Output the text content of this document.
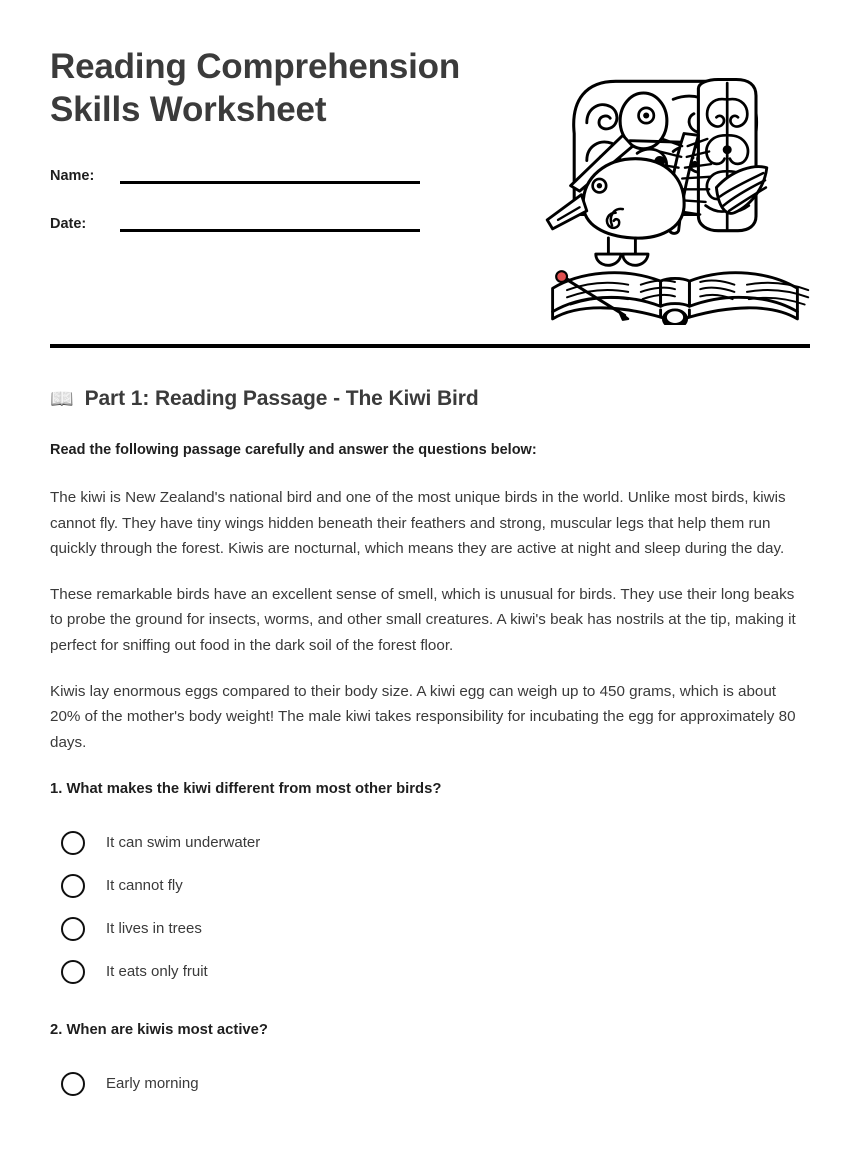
Reading Comprehension Skills Worksheet
Name:
Date:
📖 Part 1: Reading Passage - The Kiwi Bird

Read the following passage carefully and answer the questions below:

The kiwi is New Zealand's national bird and one of the most unique birds in the world. Unlike most birds, kiwis cannot fly. They have tiny wings hidden beneath their feathers and strong, muscular legs that help them run quickly through the forest. Kiwis are nocturnal, which means they are active at night and sleep during the day.

These remarkable birds have an excellent sense of smell, which is unusual for birds. They use their long beaks to probe the ground for insects, worms, and other small creatures. A kiwi's beak has nostrils at the tip, making it perfect for sniffing out food in the dark soil of the forest floor.

Kiwis lay enormous eggs compared to their body size. A kiwi egg can weigh up to 450 grams, which is about 20% of the mother's body weight! The male kiwi takes responsibility for incubating the egg for approximately 80 days.

1. What makes the kiwi different from most other birds?

It can swim underwater
It cannot fly
It lives in trees
It eats only fruit

2. When are kiwis most active?

Early morning
